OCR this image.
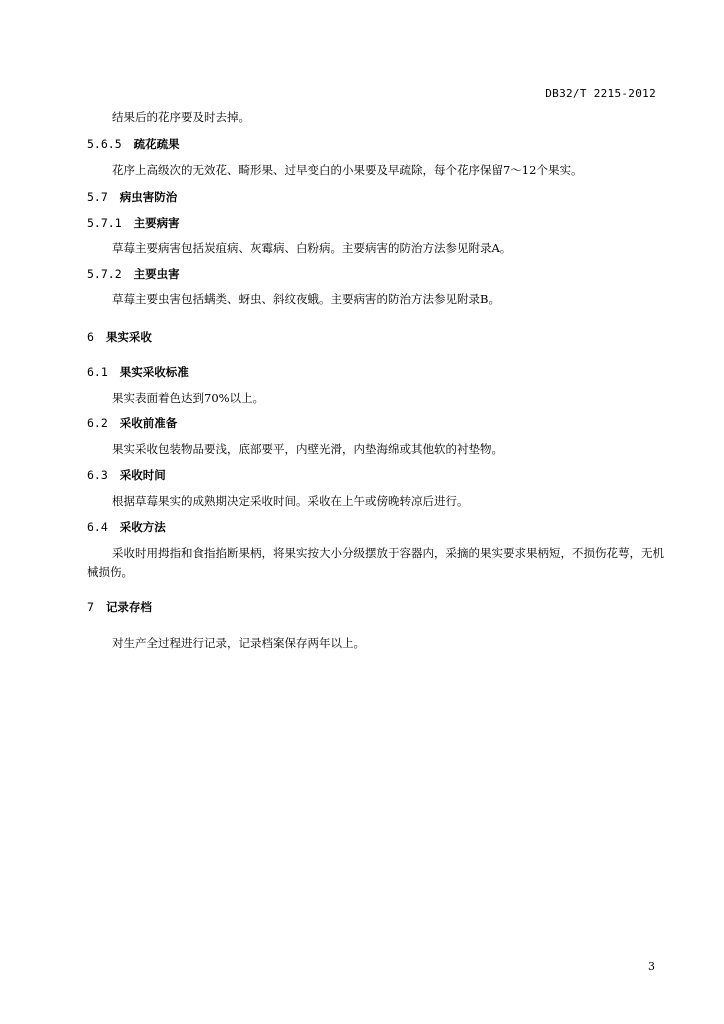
DB32/T 2215-2012
结果后的花序要及时去掉。
5.6.5 疏花疏果
花序上高级次的无效花、畸形果、过早变白的小果要及早疏除，每个花序保留7～12个果实。
5.7 病虫害防治
5.7.1 主要病害
草莓主要病害包括炭疽病、灰霉病、白粉病。主要病害的防治方法参见附录A。
5.7.2 主要虫害
草莓主要虫害包括螨类、蚜虫、斜纹夜蛾。主要病害的防治方法参见附录B。
6 果实采收
6.1 果实采收标准
果实表面着色达到70%以上。
6.2 采收前准备
果实采收包装物品要浅，底部要平，内壁光滑，内垫海绵或其他软的衬垫物。
6.3 采收时间
根据草莓果实的成熟期决定采收时间。采收在上午或傍晚转凉后进行。
6.4 采收方法
采收时用拇指和食指掐断果柄，将果实按大小分级摆放于容器内，采摘的果实要求果柄短，不损伤花萼，无机械损伤。
7 记录存档
对生产全过程进行记录，记录档案保存两年以上。
3
